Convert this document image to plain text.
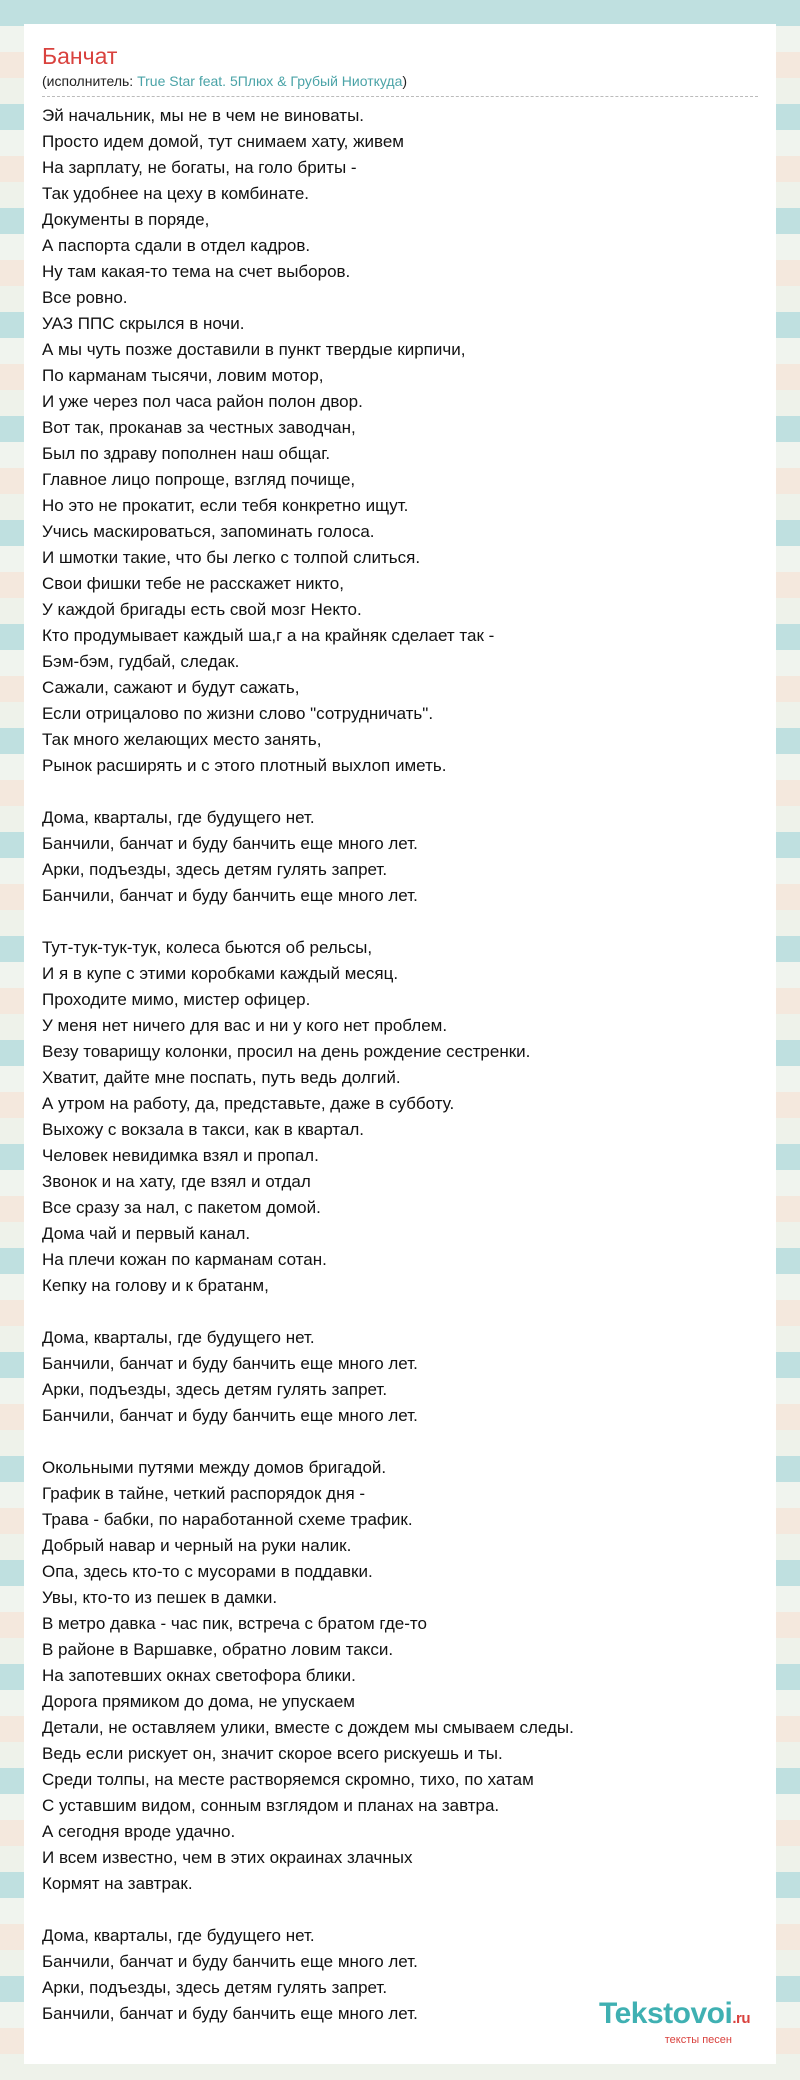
Банчат
(исполнитель: True Star feat. 5Плюх & Грубый Ниоткуда)
Эй начальник, мы не в чем не виноваты.
Просто идем домой, тут снимаем хату, живем
На зарплату, не богаты, на голо бриты -
Так удобнее на цеху в комбинате.
Документы в порядe,
А паспорта сдали в отдел кадров.
Ну там какая-то тема на счет выборов.
Все ровно.
УАЗ ППС скрылся в ночи.
А мы чуть позже доставили в пункт твердые кирпичи,
По карманам тысячи, ловим мотор,
И уже через пол часа район полон двор.
Вот так, проканав за честных заводчан,
Был по здраву пополнен наш общаг.
Главное лицо попроще, взгляд почище,
Но это не прокатит, если тебя конкретно ищут.
Учись маскироваться, запоминать голоса.
И шмотки такие, что бы легко с толпой слиться.
Свои фишки тебе не расскажет никто,
У каждой бригады есть свой мозг Некто.
Кто продумывает каждый ша,г а на крайняк сделает так -
Бэм-бэм, гудбай, следак.
Сажали, сажают и будут сажать,
Если отрицалово по жизни слово "сотрудничать".
Так много желающих место занять,
Рынок расширять и с этого плотный выхлоп иметь.
Дома, кварталы, где будущего нет.
Банчили, банчат и буду банчить еще много лет.
Арки, подъезды, здесь детям гулять запрет.
Банчили, банчат и буду банчить еще много лет.
Тут-тук-тук-тук, колеса бьются об рельсы,
И я в купе с этими коробками каждый месяц.
Проходите мимо, мистер офицер.
У меня нет ничего для вас и ни у кого нет проблем.
Везу товарищу колонки, просил на день рождение сестренки.
Хватит, дайте мне поспать, путь ведь долгий.
А утром на работу, да, представьте, даже в субботу.
Выхожу с вокзала в такси, как в квартал.
Человек невидимка взял и пропал.
Звонок и на хату, где взял и отдал
Все сразу за нал, с пакетом домой.
Дома чай и первый канал.
На плечи кожан по карманам сотан.
Кепку на голову и к братанм,
Дома, кварталы, где будущего нет.
Банчили, банчат и буду банчить еще много лет.
Арки, подъезды, здесь детям гулять запрет.
Банчили, банчат и буду банчить еще много лет.
Окольными путями между домов бригадой.
График в тайне, четкий распорядок дня -
Трава - бабки, по наработанной схеме трафик.
Добрый навар и черный на руки налик.
Опа, здесь кто-то с мусорами в поддавки.
Увы, кто-то из пешек в дамки.
В метро давка - час пик, встреча с братом где-то
В районе в Варшавке, обратно ловим такси.
На запотевших окнах светофора блики.
Дорога прямиком до дома, не упускаем
Детали, не оставляем улики, вместе с дождем мы смываем следы.
Ведь если рискует он, значит скорое всего рискуешь и ты.
Среди толпы, на месте растворяемся скромно, тихо, по хатам
С уставшим видом, сонным взглядом и планах на завтра.
А сегодня вроде удачно.
И всем известно, чем в этих окраинах злачных
Кормят на завтрак.
Дома, кварталы, где будущего нет.
Банчили, банчат и буду банчить еще много лет.
Арки, подъезды, здесь детям гулять запрет.
Банчили, банчат и буду банчить еще много лет.	Tekstovoi.ru
тексты песен
